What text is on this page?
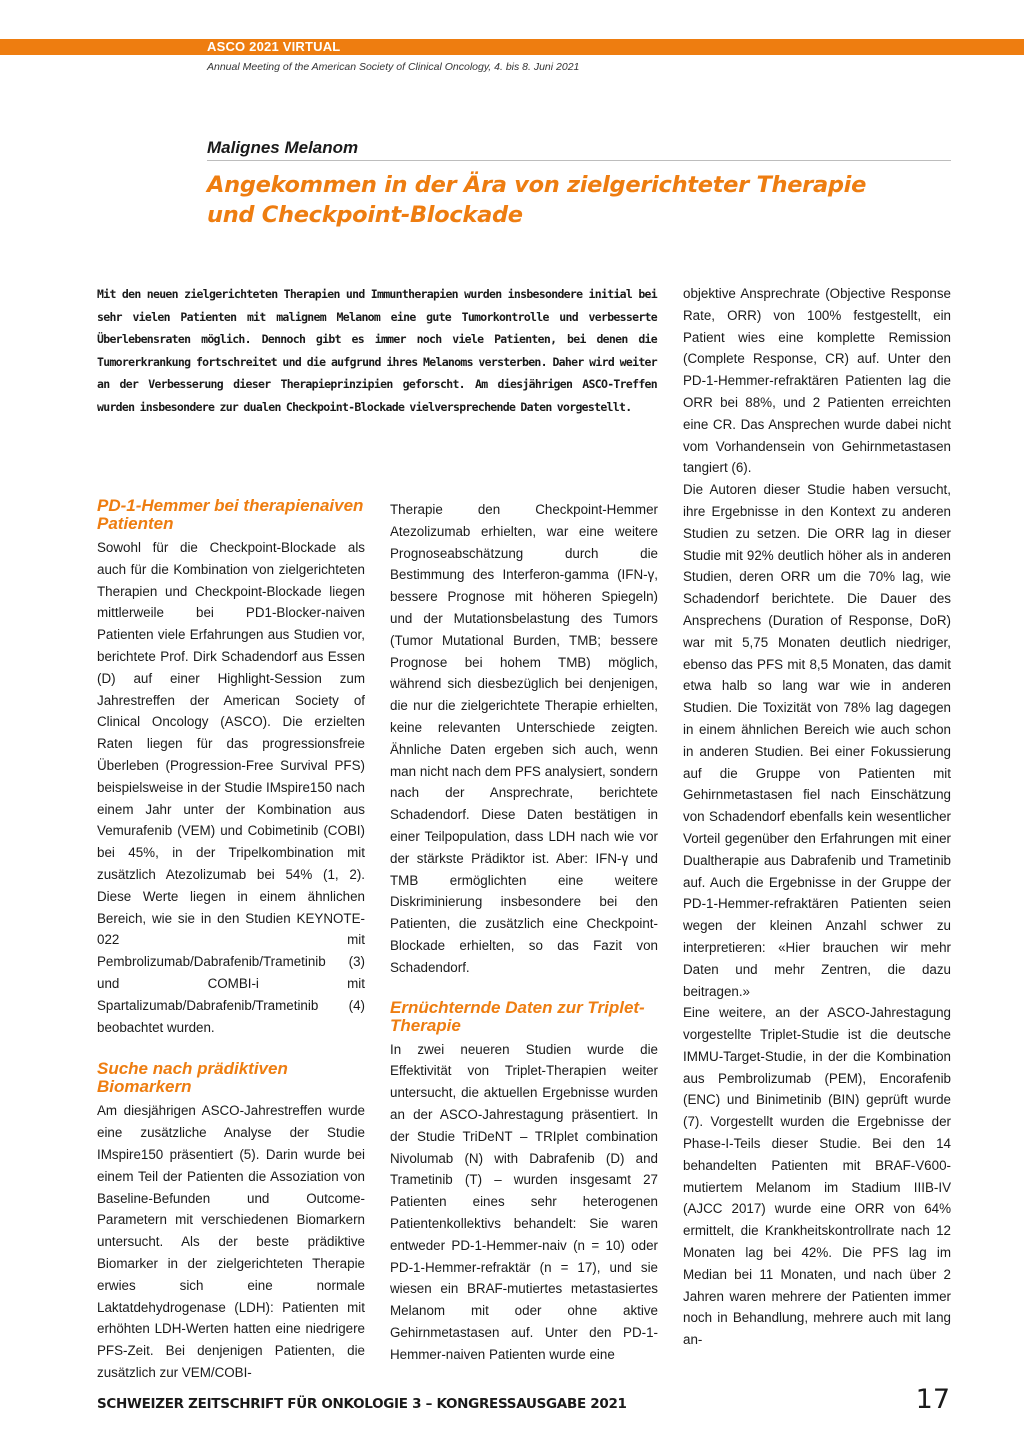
ASCO 2021 VIRTUAL
Annual Meeting of the American Society of Clinical Oncology, 4. bis 8. Juni 2021
Malignes Melanom
Angekommen in der Ära von zielgerichteter Therapie
und Checkpoint-Blockade
Mit den neuen zielgerichteten Therapien und Immuntherapien wurden insbesondere initial bei sehr vielen Patienten mit malignem Melanom eine gute Tumorkontrolle und verbesserte Überlebensraten möglich. Dennoch gibt es immer noch viele Patienten, bei denen die Tumorerkrankung fortschreitet und die aufgrund ihres Melanoms versterben. Daher wird weiter an der Verbesserung dieser Therapieprinzipien geforscht. Am diesjährigen ASCO-Treffen wurden insbesondere zur dualen Checkpoint-Blockade vielversprechende Daten vorgestellt.
PD-1-Hemmer bei therapienaiven Patienten

Sowohl für die Checkpoint-Blockade als auch für die Kombination von zielgerichteten Therapien und Checkpoint-Blockade liegen mittlerweile bei PD1-Blocker-naiven Patienten viele Erfahrungen aus Studien vor, berichtete Prof. Dirk Schadendorf aus Essen (D) auf einer Highlight-Session zum Jahrestreffen der American Society of Clinical Oncology (ASCO). Die erzielten Raten liegen für das progressionsfreie Überleben (Progression-Free Survival PFS) beispielsweise in der Studie IMspire150 nach einem Jahr unter der Kombination aus Vemurafenib (VEM) und Cobimetinib (COBI) bei 45%, in der Tripelkombination mit zusätzlich Atezolizumab bei 54% (1, 2). Diese Werte liegen in einem ähnlichen Bereich, wie sie in den Studien KEYNOTE-022 mit Pembrolizumab/Dabrafenib/Trametinib (3) und COMBI-i mit Spartalizumab/Dabrafenib/Trametinib (4) beobachtet wurden.

Suche nach prädiktiven Biomarkern

Am diesjährigen ASCO-Jahrestreffen wurde eine zusätzliche Analyse der Studie IMspire150 präsentiert (5). Darin wurde bei einem Teil der Patienten die Assoziation von Baseline-Befunden und Outcome-Parametern mit verschiedenen Biomarkern untersucht. Als der beste prädiktive Biomarker in der zielgerichteten Therapie erwies sich eine normale Laktatdehydrogenase (LDH): Patienten mit erhöhten LDH-Werten hatten eine niedrigere PFS-Zeit. Bei denjenigen Patienten, die zusätzlich zur VEM/COBI-

Therapie den Checkpoint-Hemmer Atezolizumab erhielten, war eine weitere Prognoseabschätzung durch die Bestimmung des Interferon-gamma (IFN-γ, bessere Prognose mit höheren Spiegeln) und der Mutationsbelastung des Tumors (Tumor Mutational Burden, TMB; bessere Prognose bei hohem TMB) möglich, während sich diesbezüglich bei denjenigen, die nur die zielgerichtete Therapie erhielten, keine relevanten Unterschiede zeigten. Ähnliche Daten ergeben sich auch, wenn man nicht nach dem PFS analysiert, sondern nach der Ansprechrate, berichtete Schadendorf. Diese Daten bestätigen in einer Teilpopulation, dass LDH nach wie vor der stärkste Prädiktor ist. Aber: IFN-γ und TMB ermöglichten eine weitere Diskriminierung insbesondere bei den Patienten, die zusätzlich eine Checkpoint-Blockade erhielten, so das Fazit von Schadendorf.

Ernüchternde Daten zur Triplet-Therapie

In zwei neueren Studien wurde die Effektivität von Triplet-Therapien weiter untersucht, die aktuellen Ergebnisse wurden an der ASCO-Jahrestagung präsentiert. In der Studie TriDeNT – TRIplet combination Nivolumab (N) with Dabrafenib (D) and Trametinib (T) – wurden insgesamt 27 Patienten eines sehr heterogenen Patientenkollektivs behandelt: Sie waren entweder PD-1-Hemmer-naiv (n = 10) oder PD-1-Hemmer-refraktär (n = 17), und sie wiesen ein BRAF-mutiertes metastasiertes Melanom mit oder ohne aktive Gehirnmetastasen auf. Unter den PD-1-Hemmer-naiven Patienten wurde eine

objektive Ansprechrate (Objective Response Rate, ORR) von 100% festgestellt, ein Patient wies eine komplette Remission (Complete Response, CR) auf. Unter den PD-1-Hemmer-refraktären Patienten lag die ORR bei 88%, und 2 Patienten erreichten eine CR. Das Ansprechen wurde dabei nicht vom Vorhandensein von Gehirnmetastasen tangiert (6).

Die Autoren dieser Studie haben versucht, ihre Ergebnisse in den Kontext zu anderen Studien zu setzen. Die ORR lag in dieser Studie mit 92% deutlich höher als in anderen Studien, deren ORR um die 70% lag, wie Schadendorf berichtete. Die Dauer des Ansprechens (Duration of Response, DoR) war mit 5,75 Monaten deutlich niedriger, ebenso das PFS mit 8,5 Monaten, das damit etwa halb so lang war wie in anderen Studien. Die Toxizität von 78% lag dagegen in einem ähnlichen Bereich wie auch schon in anderen Studien. Bei einer Fokussierung auf die Gruppe von Patienten mit Gehirnmetastasen fiel nach Einschätzung von Schadendorf ebenfalls kein wesentlicher Vorteil gegenüber den Erfahrungen mit einer Dualtherapie aus Dabrafenib und Trametinib auf. Auch die Ergebnisse in der Gruppe der PD-1-Hemmer-refraktären Patienten seien wegen der kleinen Anzahl schwer zu interpretieren: «Hier brauchen wir mehr Daten und mehr Zentren, die dazu beitragen.»

Eine weitere, an der ASCO-Jahrestagung vorgestellte Triplet-Studie ist die deutsche IMMU-Target-Studie, in der die Kombination aus Pembrolizumab (PEM), Encorafenib (ENC) und Binimetinib (BIN) geprüft wurde (7). Vorgestellt wurden die Ergebnisse der Phase-I-Teils dieser Studie. Bei den 14 behandelten Patienten mit BRAF-V600-mutiertem Melanom im Stadium IIIB-IV (AJCC 2017) wurde eine ORR von 64% ermittelt, die Krankheitskontrollrate nach 12 Monaten lag bei 42%. Die PFS lag im Median bei 11 Monaten, und nach über 2 Jahren waren mehrere der Patienten immer noch in Behandlung, mehrere auch mit lang an-

SCHWEIZER ZEITSCHRIFT FÜR ONKOLOGIE 3 – KONGRESSAUSGABE 2021	17
